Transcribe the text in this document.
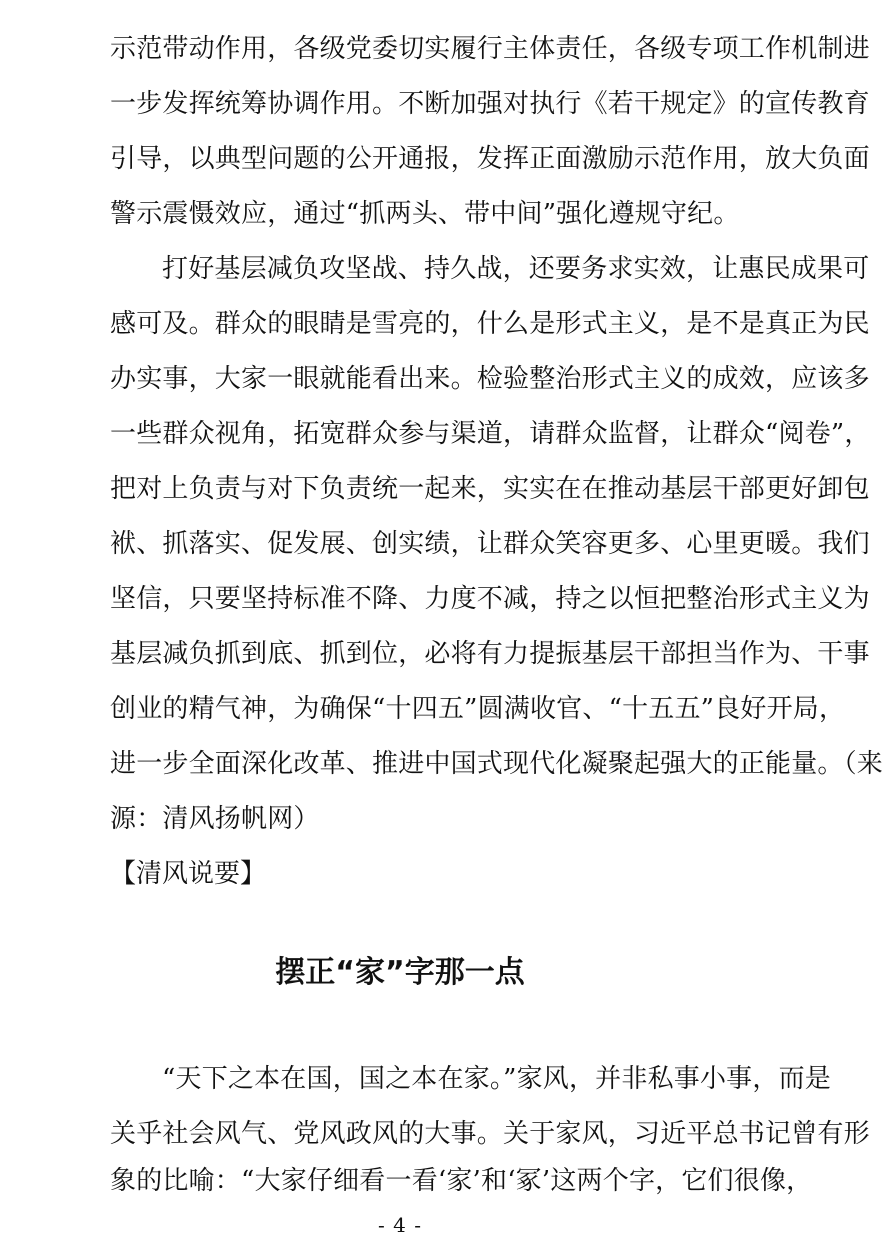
示范带动作用，各级党委切实履行主体责任，各级专项工作机制进
一步发挥统筹协调作用。不断加强对执行《若干规定》的宣传教育
引导，以典型问题的公开通报，发挥正面激励示范作用，放大负面
警示震慑效应，通过“抓两头、带中间”强化遵规守纪。
打好基层减负攻坚战、持久战，还要务求实效，让惠民成果可
感可及。群众的眼睛是雪亮的，什么是形式主义，是不是真正为民
办实事，大家一眼就能看出来。检验整治形式主义的成效，应该多
一些群众视角，拓宽群众参与渠道，请群众监督，让群众“阅卷”，
把对上负责与对下负责统一起来，实实在在推动基层干部更好卸包
袱、抓落实、促发展、创实绩，让群众笑容更多、心里更暖。我们
坚信，只要坚持标准不降、力度不减，持之以恒把整治形式主义为
基层减负抓到底、抓到位，必将有力提振基层干部担当作为、干事
创业的精气神，为确保“十四五”圆满收官、“十五五”良好开局，
进一步全面深化改革、推进中国式现代化凝聚起强大的正能量。（来
源：清风扬帆网）
【清风说要】
摆正“家”字那一点
“天下之本在国，国之本在家。”家风，并非私事小事，而是
关乎社会风气、党风政风的大事。关于家风，习近平总书记曾有形
象的比喻：“大家仔细看一看‘家’和‘冢’这两个字，它们很像，
- 4 -
